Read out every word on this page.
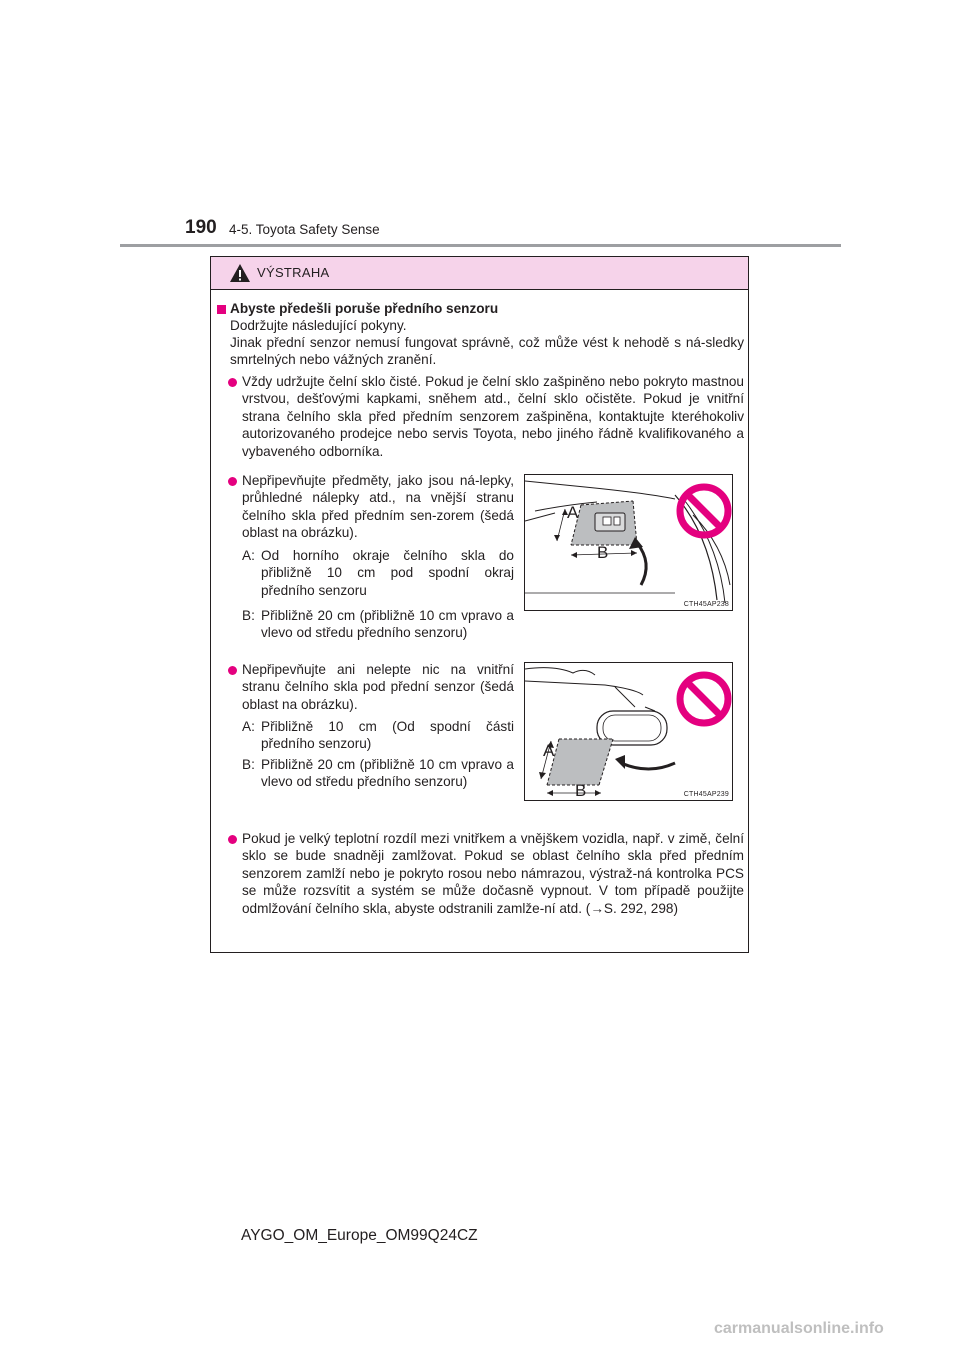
190 4-5. Toyota Safety Sense
VÝSTRAHA
Abyste předešli poruše předního senzoru
Dodržujte následující pokyny.
Jinak přední senzor nemusí fungovat správně, což může vést k nehodě s ná-sledky smrtelných nebo vážných zranění.
Vždy udržujte čelní sklo čisté. Pokud je čelní sklo zašpiněno nebo pokryto mastnou vrstvou, dešťovými kapkami, sněhem atd., čelní sklo očistěte. Pokud je vnitřní strana čelního skla před předním senzorem zašpiněna, kontaktujte kteréhokoliv autorizovaného prodejce nebo servis Toyota, nebo jiného řádně kvalifikovaného a vybaveného odborníka.
Nepřipevňujte předměty, jako jsou ná-lepky, průhledné nálepky atd., na vnější stranu čelního skla před předním sen-zorem (šedá oblast na obrázku).
A: Od horního okraje čelního skla do přibližně 10 cm pod spodní okraj předního senzoru
B: Přibližně 20 cm (přibližně 10 cm vpravo a vlevo od středu předního senzoru)
A
B
CTH45AP238
Nepřipevňujte ani nelepte nic na vnitřní stranu čelního skla pod přední senzor (šedá oblast na obrázku).
A: Přibližně 10 cm (Od spodní části předního senzoru)
B: Přibližně 20 cm (přibližně 10 cm vpravo a vlevo od středu předního senzoru)
A
B	CTH45AP239
Pokud je velký teplotní rozdíl mezi vnitřkem a vnějškem vozidla, např. v zimě, čelní sklo se bude snadněji zamlžovat. Pokud se oblast čelního skla před předním senzorem zamlží nebo je pokryto rosou nebo námrazou, výstraž-ná kontrolka PCS se může rozsvítit a systém se může dočasně vypnout. V tom případě použijte odmlžování čelního skla, abyste odstranili zamlže-ní atd. (→S. 292, 298)
AYGO_OM_Europe_OM99Q24CZ
carmanualsonline.info
